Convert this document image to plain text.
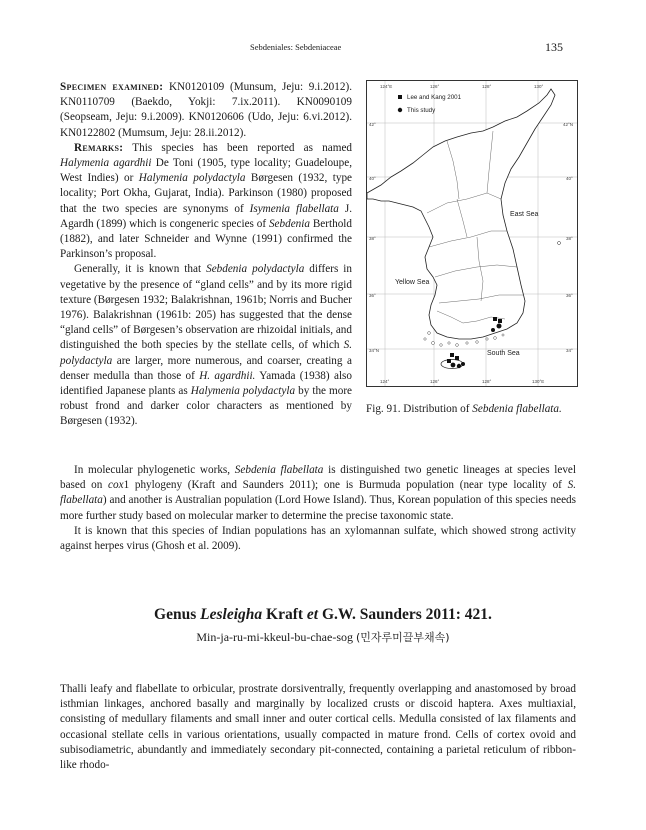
Sebdeniales: Sebdeniaceae	135

Specimen examined: KN0120109 (Munsum, Jeju: 9.i.2012). KN0110709 (Baekdo, Yokji: 7.ix.2011). KN0090109 (Seopseam, Jeju: 9.i.2009). KN0120606 (Udo, Jeju: 6.vi.2012). KN0122802 (Mumsum, Jeju: 28.ii.2012).

Remarks: This species has been reported as named Halymenia agardhii De Toni (1905, type locality; Guadeloupe, West Indies) or Halymenia polydactyla Børgesen (1932, type locality; Port Okha, Gujarat, India). Parkinson (1980) proposed that the two species are synonyms of Isymenia flabellata J. Agardh (1899) which is congeneric species of Sebdenia Berthold (1882), and later Schneider and Wynne (1991) confirmed the Parkinson’s proposal.

Generally, it is known that Sebdenia polydactyla differs in vegetative by the presence of “gland cells” and by its more rigid texture (Børgesen 1932; Balakrishnan, 1961b; Norris and Bucher 1976). Balakrishnan (1961b: 205) has suggested that the dense “gland cells” of Børgesen’s observation are rhizoidal initials, and distinguished the both species by the stellate cells, of which S. polydactyla are larger, more numerous, and coarser, creating a denser medulla than those of H. agardhii. Yamada (1938) also identified Japanese plants as Halymenia polydactyla by the more robust frond and darker color characters as mentioned by Børgesen (1932).

124°E	126°	128°	130°
124°	126°	128°	130°E
42°
40°
38°
36°
34°N
42°N
40°
38°
36°
34°
Lee and Kang 2001
This study
East Sea
Yellow Sea
South Sea
Fig. 91. Distribution of Sebdenia flabellata.

In molecular phylogenetic works, Sebdenia flabellata is distinguished two genetic lineages at species level based on cox1 phylogeny (Kraft and Saunders 2011); one is Burmuda population (near type locality of S. flabellata) and another is Australian population (Lord Howe Island). Thus, Korean population of this species needs more further study based on molecular marker to determine the precise taxonomic state.

It is known that this species of Indian populations has an xylomannan sulfate, which showed strong activity against herpes virus (Ghosh et al. 2009).

Genus Lesleigha Kraft et G.W. Saunders 2011: 421.
Min-ja-ru-mi-kkeul-bu-chae-sog (민자루미끌부채속)

Thalli leafy and flabellate to orbicular, prostrate dorsiventrally, frequently overlapping and anastomosed by broad isthmian linkages, anchored basally and marginally by localized crusts or discoid haptera. Axes multiaxial, consisting of medullary filaments and small inner and outer cortical cells. Medulla consisted of lax filaments and occasional stellate cells in various orientations, usually compacted in mature frond. Cells of cortex ovoid and subisodiametric, abundantly and immediately secondary pit-connected, containing a parietal reticulum of ribbon-like rhodo-
